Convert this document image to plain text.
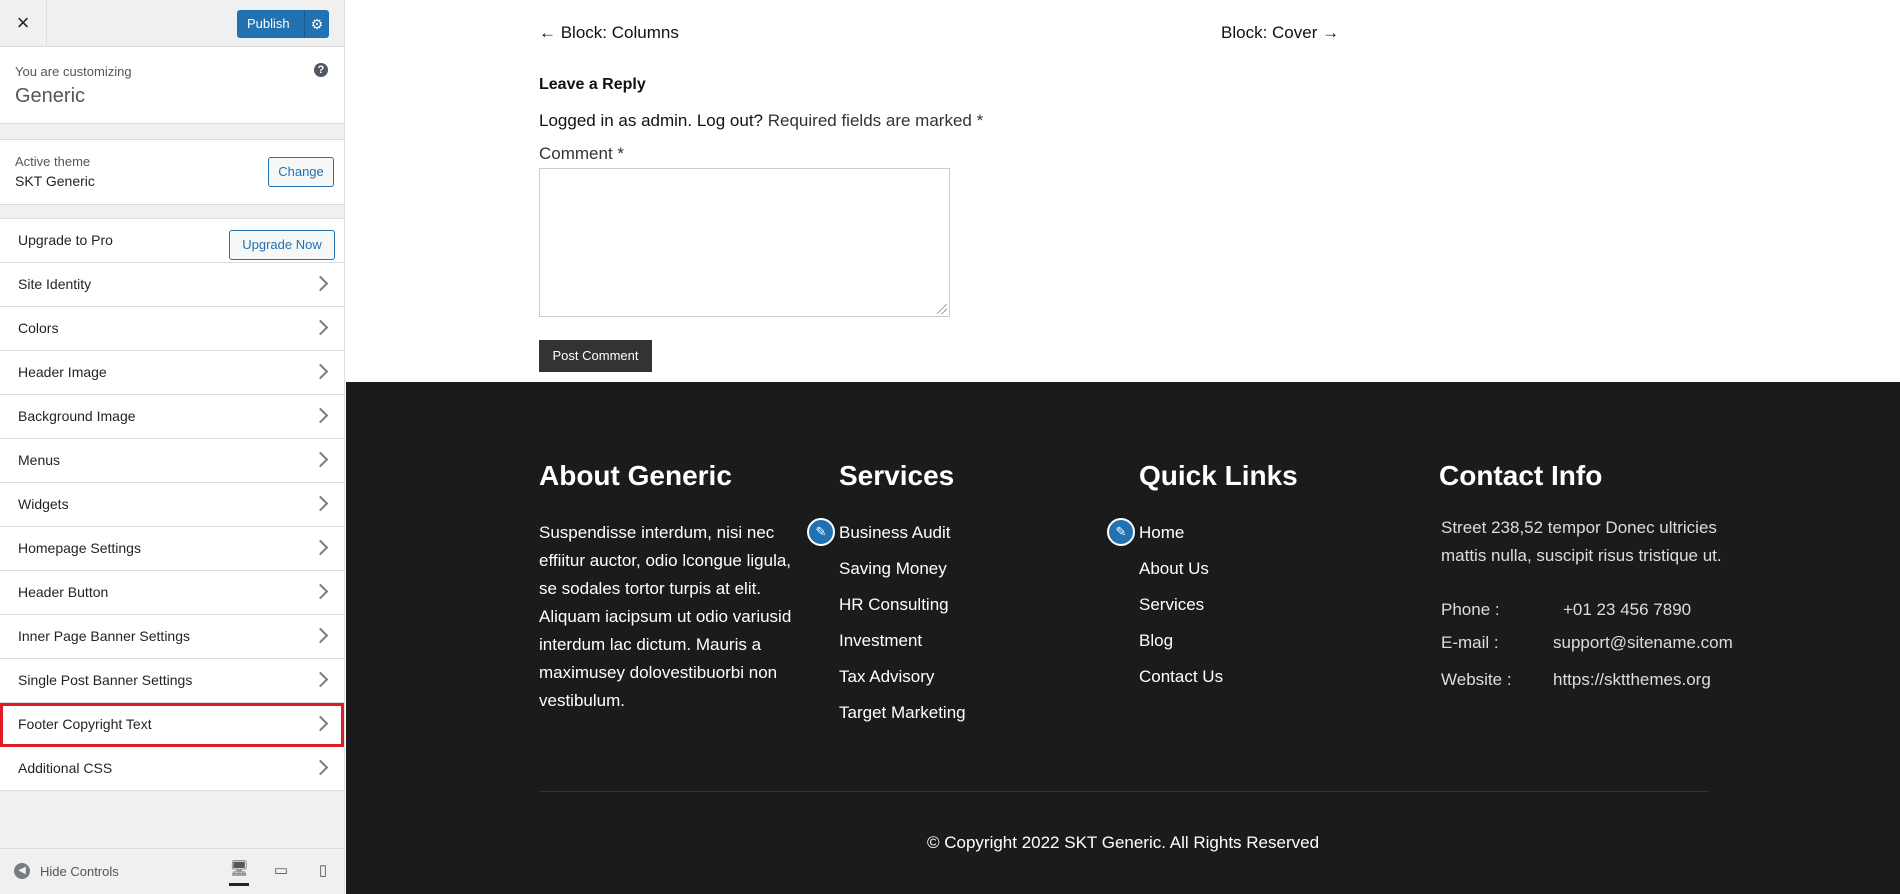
×	Publish	⚙
You are customizing
Generic
?
Active theme
SKT Generic
Change
Upgrade to Pro	Upgrade Now
Site Identity
Colors
Header Image
Background Image
Menus
Widgets
Homepage Settings
Header Button
Inner Page Banner Settings
Single Post Banner Settings
Footer Copyright Text
Additional CSS
◀	Hide Controls	🖥 ▭	▯
← Block: Columns	Block: Cover →
Leave a Reply
Logged in as admin. Log out? Required fields are marked *
Comment *
Post Comment
About Generic
Suspendisse interdum, nisi nec effiitur auctor, odio lcongue ligula, se sodales tortor turpis at elit. Aliquam iacipsum ut odio variusid interdum lac dictum. Mauris a maximusey dolovestibuorbi non vestibulum.
Services
✎ Business Audit
Saving Money
HR Consulting
Investment
Tax Advisory
Target Marketing
Quick Links
✎ Home
About Us
Services
Blog
Contact Us
Contact Info
Street 238,52 tempor Donec ultricies
mattis nulla, suscipit risus tristique ut.
Phone :	+01 23 456 7890
E-mail :	support@sitename.com
Website : https://sktthemes.org
© Copyright 2022 SKT Generic. All Rights Reserved
